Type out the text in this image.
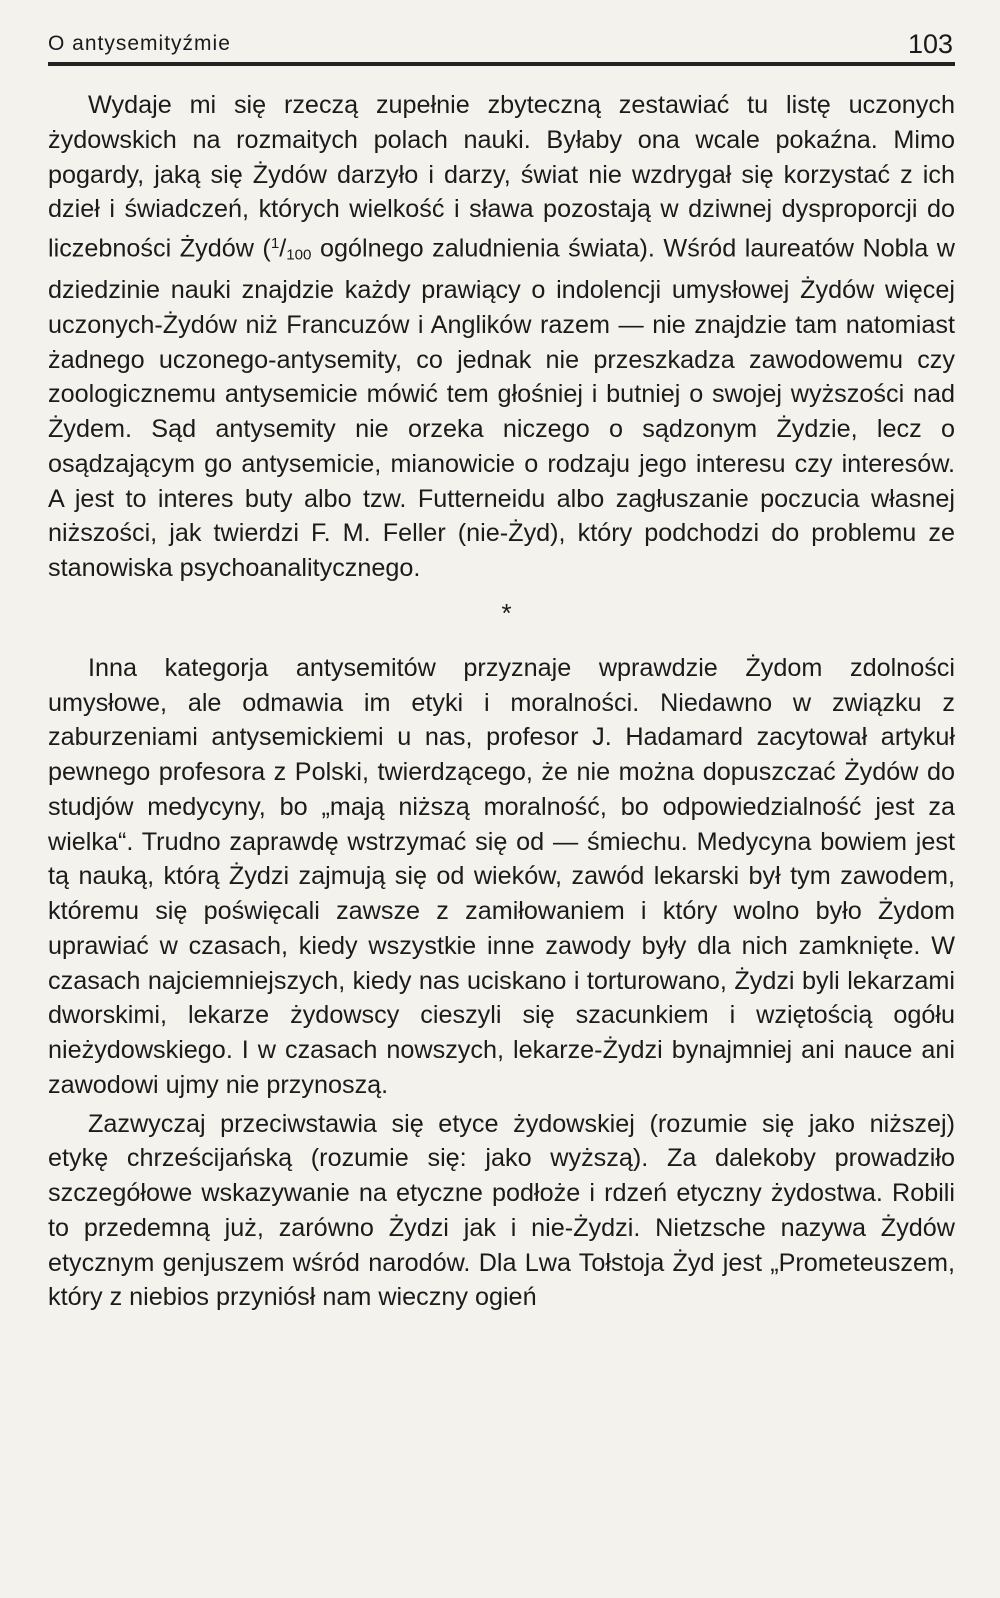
O antysemityźmie	103

Wydaje mi się rzeczą zupełnie zbyteczną zestawiać tu listę uczonych żydowskich na rozmaitych polach nauki. Byłaby ona wcale pokaźna. Mimo pogardy, jaką się Żydów darzyło i darzy, świat nie wzdrygał się korzystać z ich dzieł i świadczeń, których wielkość i sława pozostają w dziwnej dysproporcji do liczebności Żydów ($^1/_{100}$ ogólnego zaludnienia świata). Wśród laureatów Nobla w dziedzinie nauki znajdzie każdy prawiący o indolencji umysłowej Żydów więcej uczonych-Żydów niż Francuzów i Anglików razem — nie znajdzie tam natomiast żadnego uczonego-antysemity, co jednak nie przeszkadza zawodowemu czy zoologicznemu antysemicie mówić tem głośniej i butniej o swojej wyższości nad Żydem. Sąd antysemity nie orzeka niczego o sądzonym Żydzie, lecz o osądzającym go antysemicie, mianowicie o rodzaju jego interesu czy interesów. A jest to interes buty albo tzw. Futterneidu albo zagłuszanie poczucia własnej niższości, jak twierdzi F. M. Feller (nie-Żyd), który podchodzi do problemu ze stanowiska psychoanalitycznego.

*

Inna kategorja antysemitów przyznaje wprawdzie Żydom zdolności umysłowe, ale odmawia im etyki i moralności. Niedawno w związku z zaburzeniami antysemickiemi u nas, profesor J. Hadamard zacytował artykuł pewnego profesora z Polski, twierdzącego, że nie można dopuszczać Żydów do studjów medycyny, bo „mają niższą moralność, bo odpowiedzialność jest za wielka“. Trudno zaprawdę wstrzymać się od — śmiechu. Medycyna bowiem jest tą nauką, którą Żydzi zajmują się od wieków, zawód lekarski był tym zawodem, któremu się poświęcali zawsze z zamiłowaniem i który wolno było Żydom uprawiać w czasach, kiedy wszystkie inne zawody były dla nich zamknięte. W czasach najciemniejszych, kiedy nas uciskano i torturowano, Żydzi byli lekarzami dworskimi, lekarze żydowscy cieszyli się szacunkiem i wziętością ogółu nieżydowskiego. I w czasach nowszych, lekarze-Żydzi bynajmniej ani nauce ani zawodowi ujmy nie przynoszą.

Zazwyczaj przeciwstawia się etyce żydowskiej (rozumie się jako niższej) etykę chrześcijańską (rozumie się: jako wyższą). Za dalekoby prowadziło szczegółowe wskazywanie na etyczne podłoże i rdzeń etyczny żydostwa. Robili to przedemną już, zarówno Żydzi jak i nie-Żydzi. Nietzsche nazywa Żydów etycznym genjuszem wśród narodów. Dla Lwa Tołstoja Żyd jest „Prometeuszem, który z niebios przyniósł nam wieczny ogień
